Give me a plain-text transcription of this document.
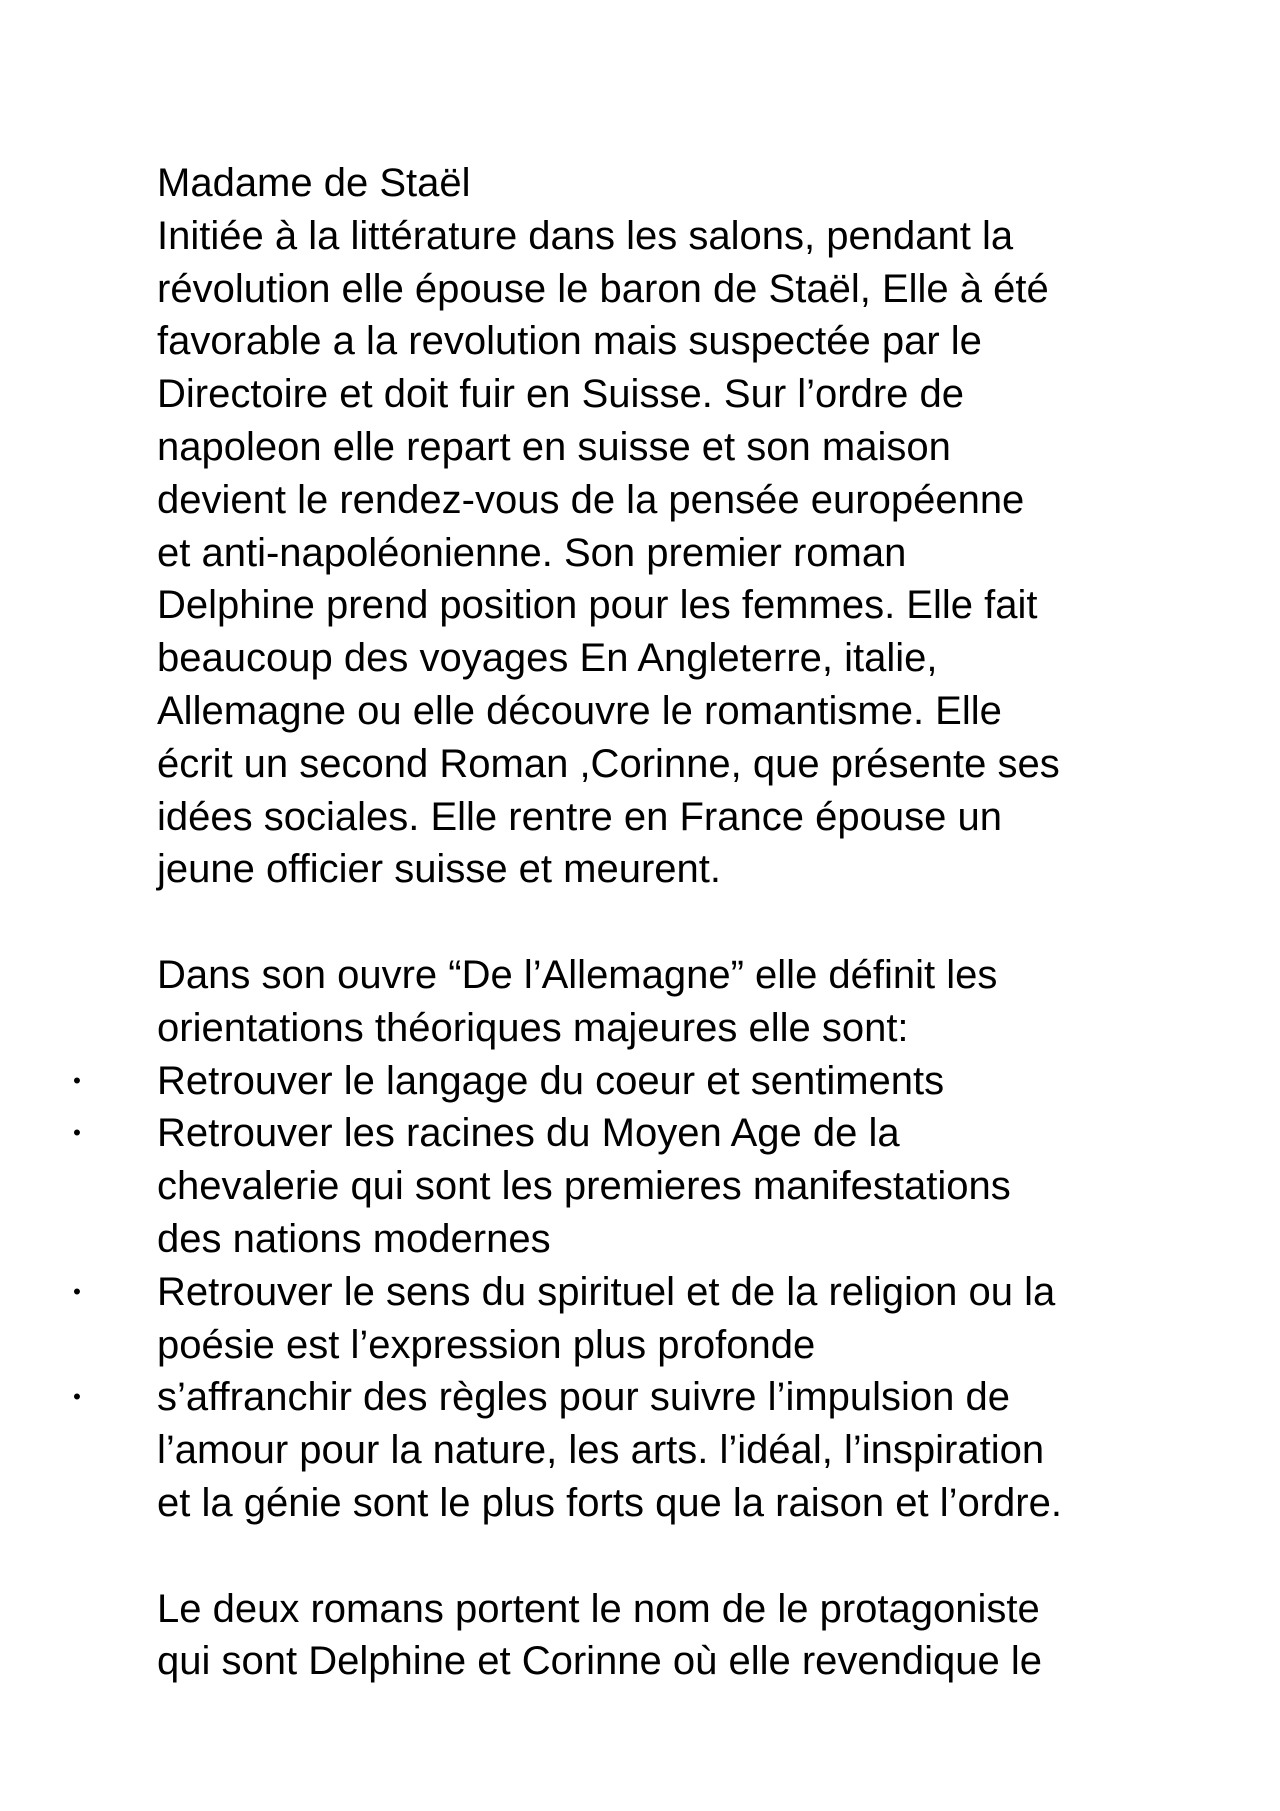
Madame de Staël
Initiée à la littérature dans les salons, pendant la
révolution elle épouse le baron de Staël, Elle à été
favorable a la revolution mais suspectée par le
Directoire et doit fuir en Suisse. Sur l’ordre de
napoleon elle repart en suisse et son maison
devient le rendez-vous de la pensée européenne
et anti-napoléonienne. Son premier roman
Delphine prend position pour les femmes. Elle fait
beaucoup des voyages En Angleterre, italie,
Allemagne ou elle découvre le romantisme. Elle
écrit un second Roman ,Corinne, que présente ses
idées sociales. Elle rentre en France épouse un
jeune officier suisse et meurent.
Dans son ouvre “De l’Allemagne” elle définit les
orientations théoriques majeures elle sont:
• Retrouver le langage du coeur et sentiments
• Retrouver les racines du Moyen Age de la
chevalerie qui sont les premieres manifestations
des nations modernes
• Retrouver le sens du spirituel et de la religion ou la
poésie est l’expression plus profonde
• s’affranchir des règles pour suivre l’impulsion de
l’amour pour la nature, les arts. l’idéal, l’inspiration
et la génie sont le plus forts que la raison et l’ordre.
Le deux romans portent le nom de le protagoniste
qui sont Delphine et Corinne où elle revendique le
